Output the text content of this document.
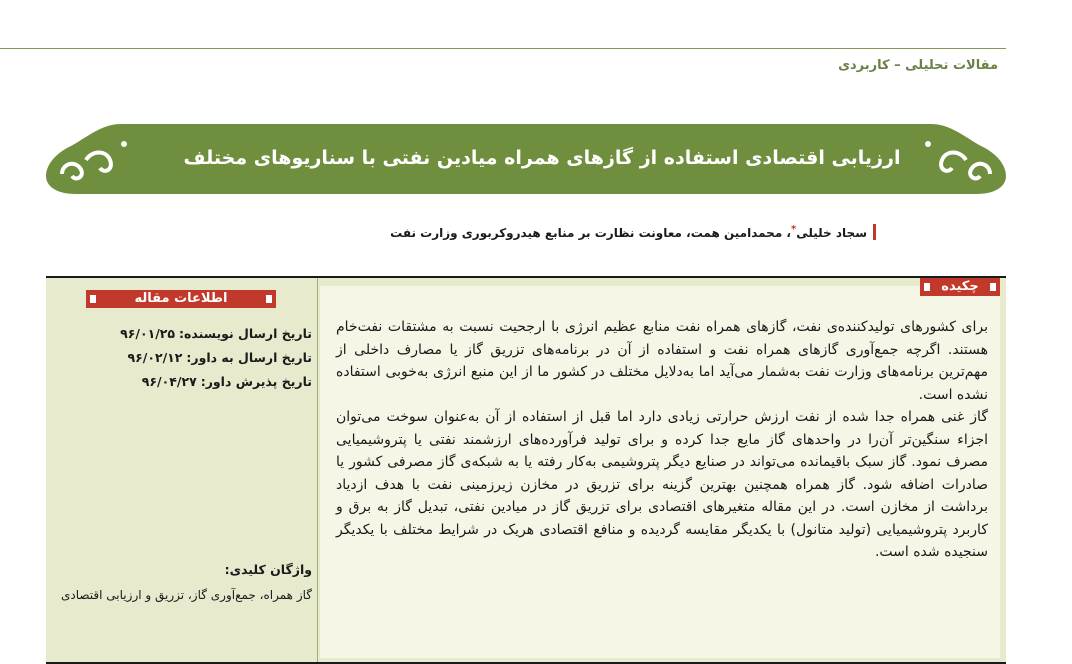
مقالات تحلیلی – کاربردی
ارزیابی اقتصادی استفاده از گازهای همراه میادین نفتی با سناریوهای مختلف
سجاد خلیلی*، محمدامین همت، معاونت نظارت بر منابع هیدروکربوری وزارت نفت
اطلاعات مقاله
چکیده
تاریخ ارسال نویسنده: ۹۶/۰۱/۲۵
تاریخ ارسال به داور: ۹۶/۰۲/۱۲
تاریخ پذیرش داور: ۹۶/۰۴/۲۷
واژگان کلیدی:
گاز همراه، جمع‌آوری گاز، تزریق و ارزیابی اقتصادی

برای کشورهای تولیدکننده‌ی نفت، گازهای همراه نفت منابع عظیم انرژی با ارجحیت نسبت به مشتقات نفت‌خام هستند. اگرچه جمع‌آوری گازهای همراه نفت و استفاده از آن در برنامه‌های تزریق گاز یا مصارف داخلی از مهم‌ترین برنامه‌های وزارت نفت به‌شمار می‌آید اما به‌دلایل مختلف در کشور ما از این منبع انرژی به‌خوبی استفاده نشده است.

گاز غنی همراه جدا شده از نفت ارزش حرارتی زیادی دارد اما قبل از استفاده از آن به‌عنوان سوخت می‌توان اجزاء سنگین‌تر آن‌را در واحدهای گاز مایع جدا کرده و برای تولید فرآورده‌های ارزشمند نفتی یا پتروشیمیایی مصرف نمود. گاز سبک باقیمانده می‌تواند در صنایع دیگر پتروشیمی به‌کار رفته یا به شبکه‌ی گاز مصرفی کشور یا صادرات اضافه شود. گاز همراه همچنین بهترین گزینه برای تزریق در مخازن زیرزمینی نفت با هدف ازدیاد برداشت از مخازن است. در این مقاله متغیرهای اقتصادی برای تزریق گاز در میادین نفتی، تبدیل گاز به برق و کاربرد پتروشیمیایی (تولید متانول) با یکدیگر مقایسه گردیده و منافع اقتصادی هریک در شرایط مختلف با یکدیگر سنجیده شده است.
